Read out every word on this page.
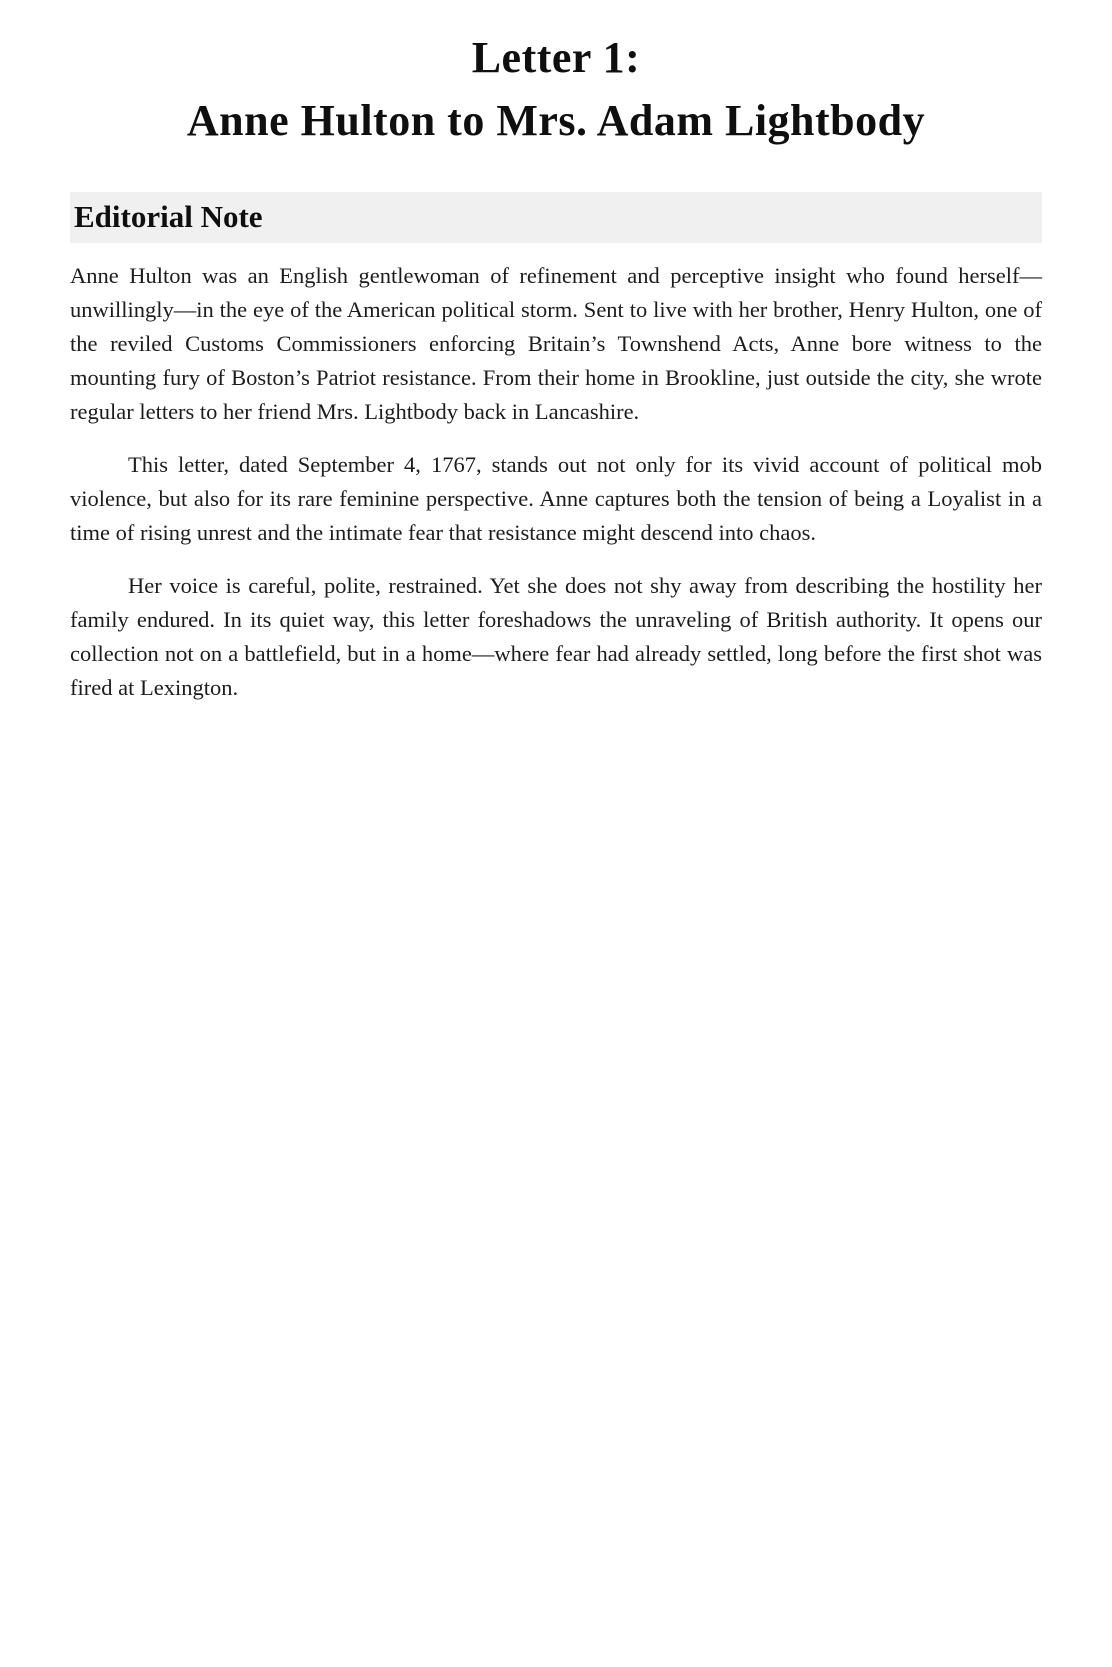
Letter 1:
Anne Hulton to Mrs. Adam Lightbody
Editorial Note

Anne Hulton was an English gentlewoman of refinement and perceptive insight who found herself—unwillingly—in the eye of the American political storm. Sent to live with her brother, Henry Hulton, one of the reviled Customs Commissioners enforcing Britain’s Townshend Acts, Anne bore witness to the mounting fury of Boston’s Patriot resistance. From their home in Brookline, just outside the city, she wrote regular letters to her friend Mrs. Lightbody back in Lancashire.

This letter, dated September 4, 1767, stands out not only for its vivid account of political mob violence, but also for its rare feminine perspective. Anne captures both the tension of being a Loyalist in a time of rising unrest and the intimate fear that resistance might descend into chaos.

Her voice is careful, polite, restrained. Yet she does not shy away from describing the hostility her family endured. In its quiet way, this letter foreshadows the unraveling of British authority. It opens our collection not on a battlefield, but in a home—where fear had already settled, long before the first shot was fired at Lexington.
